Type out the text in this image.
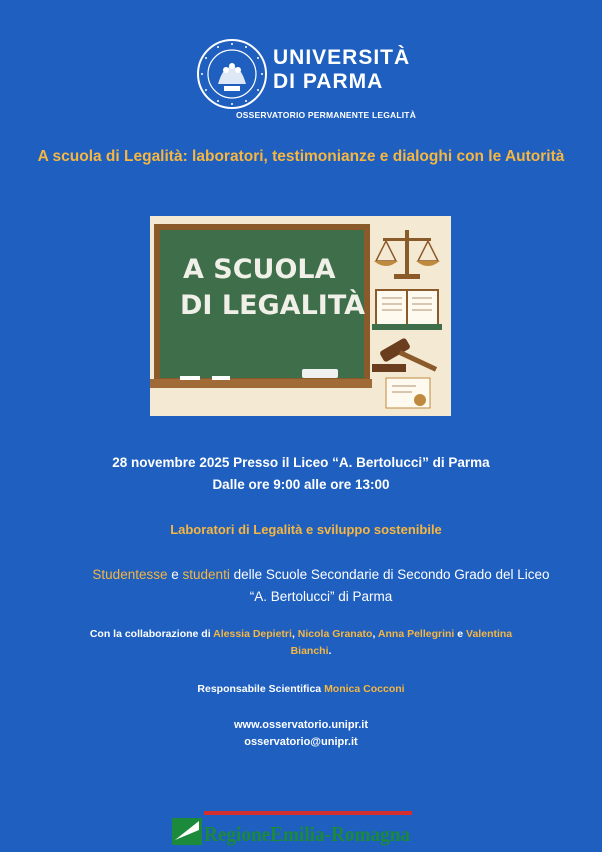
UNIVERSITÀ
DI PARMA
OSSERVATORIO PERMANENTE LEGALITÀ
A scuola di Legalità: laboratori, testimonianze e dialoghi con le Autorità
A SCUOLA
DI LEGALITÀ
28 novembre 2025 Presso il Liceo “A. Bertolucci” di Parma
Dalle ore 9:00 alle ore 13:00
Laboratori di Legalità e sviluppo sostenibile
Studentesse e studenti delle Scuole Secondarie di Secondo Grado del Liceo
“A. Bertolucci” di Parma
Con la collaborazione di Alessia Depietri, Nicola Granato, Anna Pellegrini e Valentina
Bianchi.
Responsabile Scientifica Monica Cocconi
www.osservatorio.unipr.it
osservatorio@unipr.it
RegioneEmilia-Romagna
